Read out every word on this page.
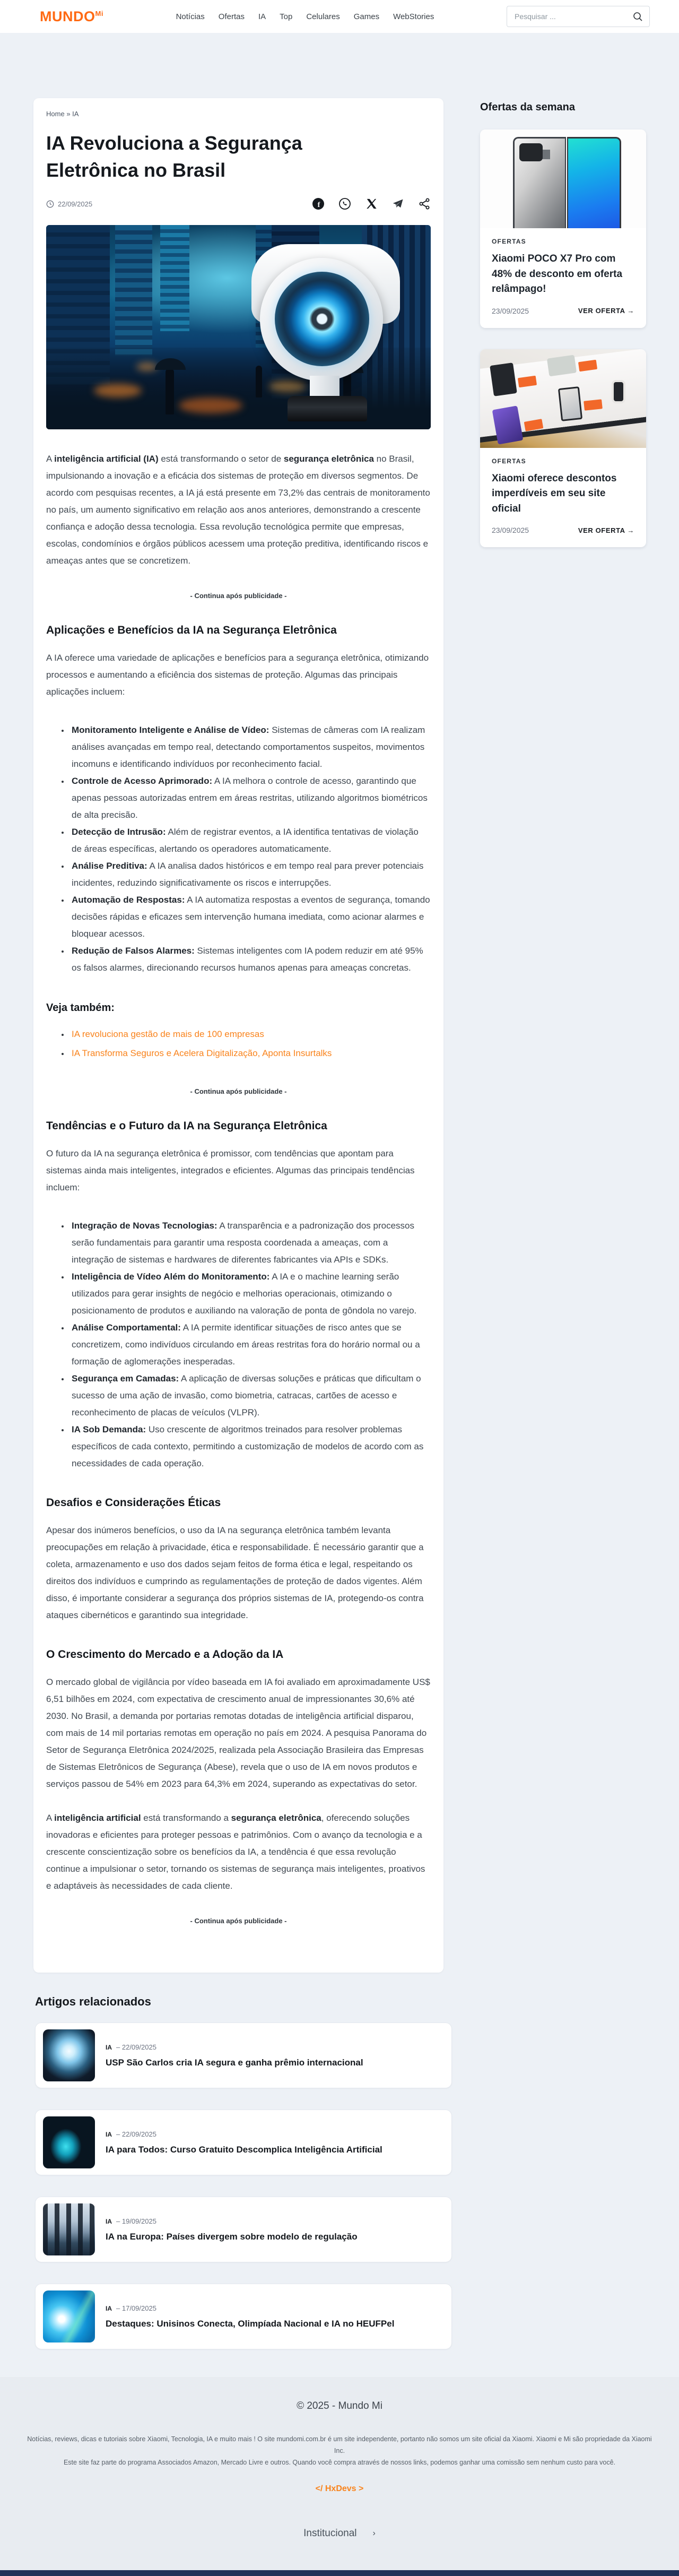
$MUNDO^{Mi}$	Notícias Ofertas IA Top Celulares Games WebStories
Pesquisar ...
Home » IA
IA Revoluciona a Segurança Eletrônica no Brasil
22/09/2025	f

A inteligência artificial (IA) está transformando o setor de segurança eletrônica no Brasil, impulsionando a inovação e a eficácia dos sistemas de proteção em diversos segmentos. De acordo com pesquisas recentes, a IA já está presente em 73,2% das centrais de monitoramento no país, um aumento significativo em relação aos anos anteriores, demonstrando a crescente confiança e adoção dessa tecnologia. Essa revolução tecnológica permite que empresas, escolas, condomínios e órgãos públicos acessem uma proteção preditiva, identificando riscos e ameaças antes que se concretizem.

- Continua após publicidade -
Aplicações e Benefícios da IA na Segurança Eletrônica

A IA oferece uma variedade de aplicações e benefícios para a segurança eletrônica, otimizando processos e aumentando a eficiência dos sistemas de proteção. Algumas das principais aplicações incluem:

• Monitoramento Inteligente e Análise de Vídeo: Sistemas de câmeras com IA realizam análises avançadas em tempo real, detectando comportamentos suspeitos, movimentos incomuns e identificando indivíduos por reconhecimento facial.
• Controle de Acesso Aprimorado: A IA melhora o controle de acesso, garantindo que apenas pessoas autorizadas entrem em áreas restritas, utilizando algoritmos biométricos de alta precisão.
• Detecção de Intrusão: Além de registrar eventos, a IA identifica tentativas de violação de áreas específicas, alertando os operadores automaticamente.
• Análise Preditiva: A IA analisa dados históricos e em tempo real para prever potenciais incidentes, reduzindo significativamente os riscos e interrupções.
• Automação de Respostas: A IA automatiza respostas a eventos de segurança, tomando decisões rápidas e eficazes sem intervenção humana imediata, como acionar alarmes e bloquear acessos.
• Redução de Falsos Alarmes: Sistemas inteligentes com IA podem reduzir em até 95% os falsos alarmes, direcionando recursos humanos apenas para ameaças concretas.
Veja também:
• IA revoluciona gestão de mais de 100 empresas
• IA Transforma Seguros e Acelera Digitalização, Aponta Insurtalks
- Continua após publicidade -
Tendências e o Futuro da IA na Segurança Eletrônica

O futuro da IA na segurança eletrônica é promissor, com tendências que apontam para sistemas ainda mais inteligentes, integrados e eficientes. Algumas das principais tendências incluem:

• Integração de Novas Tecnologias: A transparência e a padronização dos processos serão fundamentais para garantir uma resposta coordenada a ameaças, com a integração de sistemas e hardwares de diferentes fabricantes via APIs e SDKs.
• Inteligência de Vídeo Além do Monitoramento: A IA e o machine learning serão utilizados para gerar insights de negócio e melhorias operacionais, otimizando o posicionamento de produtos e auxiliando na valoração de ponta de gôndola no varejo.
• Análise Comportamental: A IA permite identificar situações de risco antes que se concretizem, como indivíduos circulando em áreas restritas fora do horário normal ou a formação de aglomerações inesperadas.
• Segurança em Camadas: A aplicação de diversas soluções e práticas que dificultam o sucesso de uma ação de invasão, como biometria, catracas, cartões de acesso e reconhecimento de placas de veículos (VLPR).
• IA Sob Demanda: Uso crescente de algoritmos treinados para resolver problemas específicos de cada contexto, permitindo a customização de modelos de acordo com as necessidades de cada operação.
Desafios e Considerações Éticas

Apesar dos inúmeros benefícios, o uso da IA na segurança eletrônica também levanta preocupações em relação à privacidade, ética e responsabilidade. É necessário garantir que a coleta, armazenamento e uso dos dados sejam feitos de forma ética e legal, respeitando os direitos dos indivíduos e cumprindo as regulamentações de proteção de dados vigentes. Além disso, é importante considerar a segurança dos próprios sistemas de IA, protegendo-os contra ataques cibernéticos e garantindo sua integridade.

O Crescimento do Mercado e a Adoção da IA

O mercado global de vigilância por vídeo baseada em IA foi avaliado em aproximadamente US$ 6,51 bilhões em 2024, com expectativa de crescimento anual de impressionantes 30,6% até 2030. No Brasil, a demanda por portarias remotas dotadas de inteligência artificial disparou, com mais de 14 mil portarias remotas em operação no país em 2024. A pesquisa Panorama do Setor de Segurança Eletrônica 2024/2025, realizada pela Associação Brasileira das Empresas de Sistemas Eletrônicos de Segurança (Abese), revela que o uso de IA em novos produtos e serviços passou de 54% em 2023 para 64,3% em 2024, superando as expectativas do setor.

A inteligência artificial está transformando a segurança eletrônica, oferecendo soluções inovadoras e eficientes para proteger pessoas e patrimônios. Com o avanço da tecnologia e a crescente conscientização sobre os benefícios da IA, a tendência é que essa revolução continue a impulsionar o setor, tornando os sistemas de segurança mais inteligentes, proativos e adaptáveis às necessidades de cada cliente.

- Continua após publicidade -
Ofertas da semana
OFERTAS
Xiaomi POCO X7 Pro com 48% de desconto em oferta relâmpago!
23/09/2025	VER OFERTA →
OFERTAS
Xiaomi oferece descontos imperdíveis em seu site oficial
23/09/2025	VER OFERTA →
Artigos relacionados
IA – 22/09/2025
USP São Carlos cria IA segura e ganha prêmio internacional
IA – 22/09/2025
IA para Todos: Curso Gratuito Descomplica Inteligência Artificial
IA – 19/09/2025
IA na Europa: Países divergem sobre modelo de regulação
IA – 17/09/2025
Destaques: Unisinos Conecta, Olimpíada Nacional e IA no HEUFPel
© 2025 - Mundo Mi

Notícias, reviews, dicas e tutoriais sobre Xiaomi, Tecnologia, IA e muito mais ! O site mundomi.com.br é um site independente, portanto não somos um site oficial da Xiaomi. Xiaomi e Mi são propriedade da Xiaomi Inc.

Este site faz parte do programa Associados Amazon, Mercado Livre e outros. Quando você compra através de nossos links, podemos ganhar uma comissão sem nenhum custo para você.

</ HxDevs >
Institucional ›
